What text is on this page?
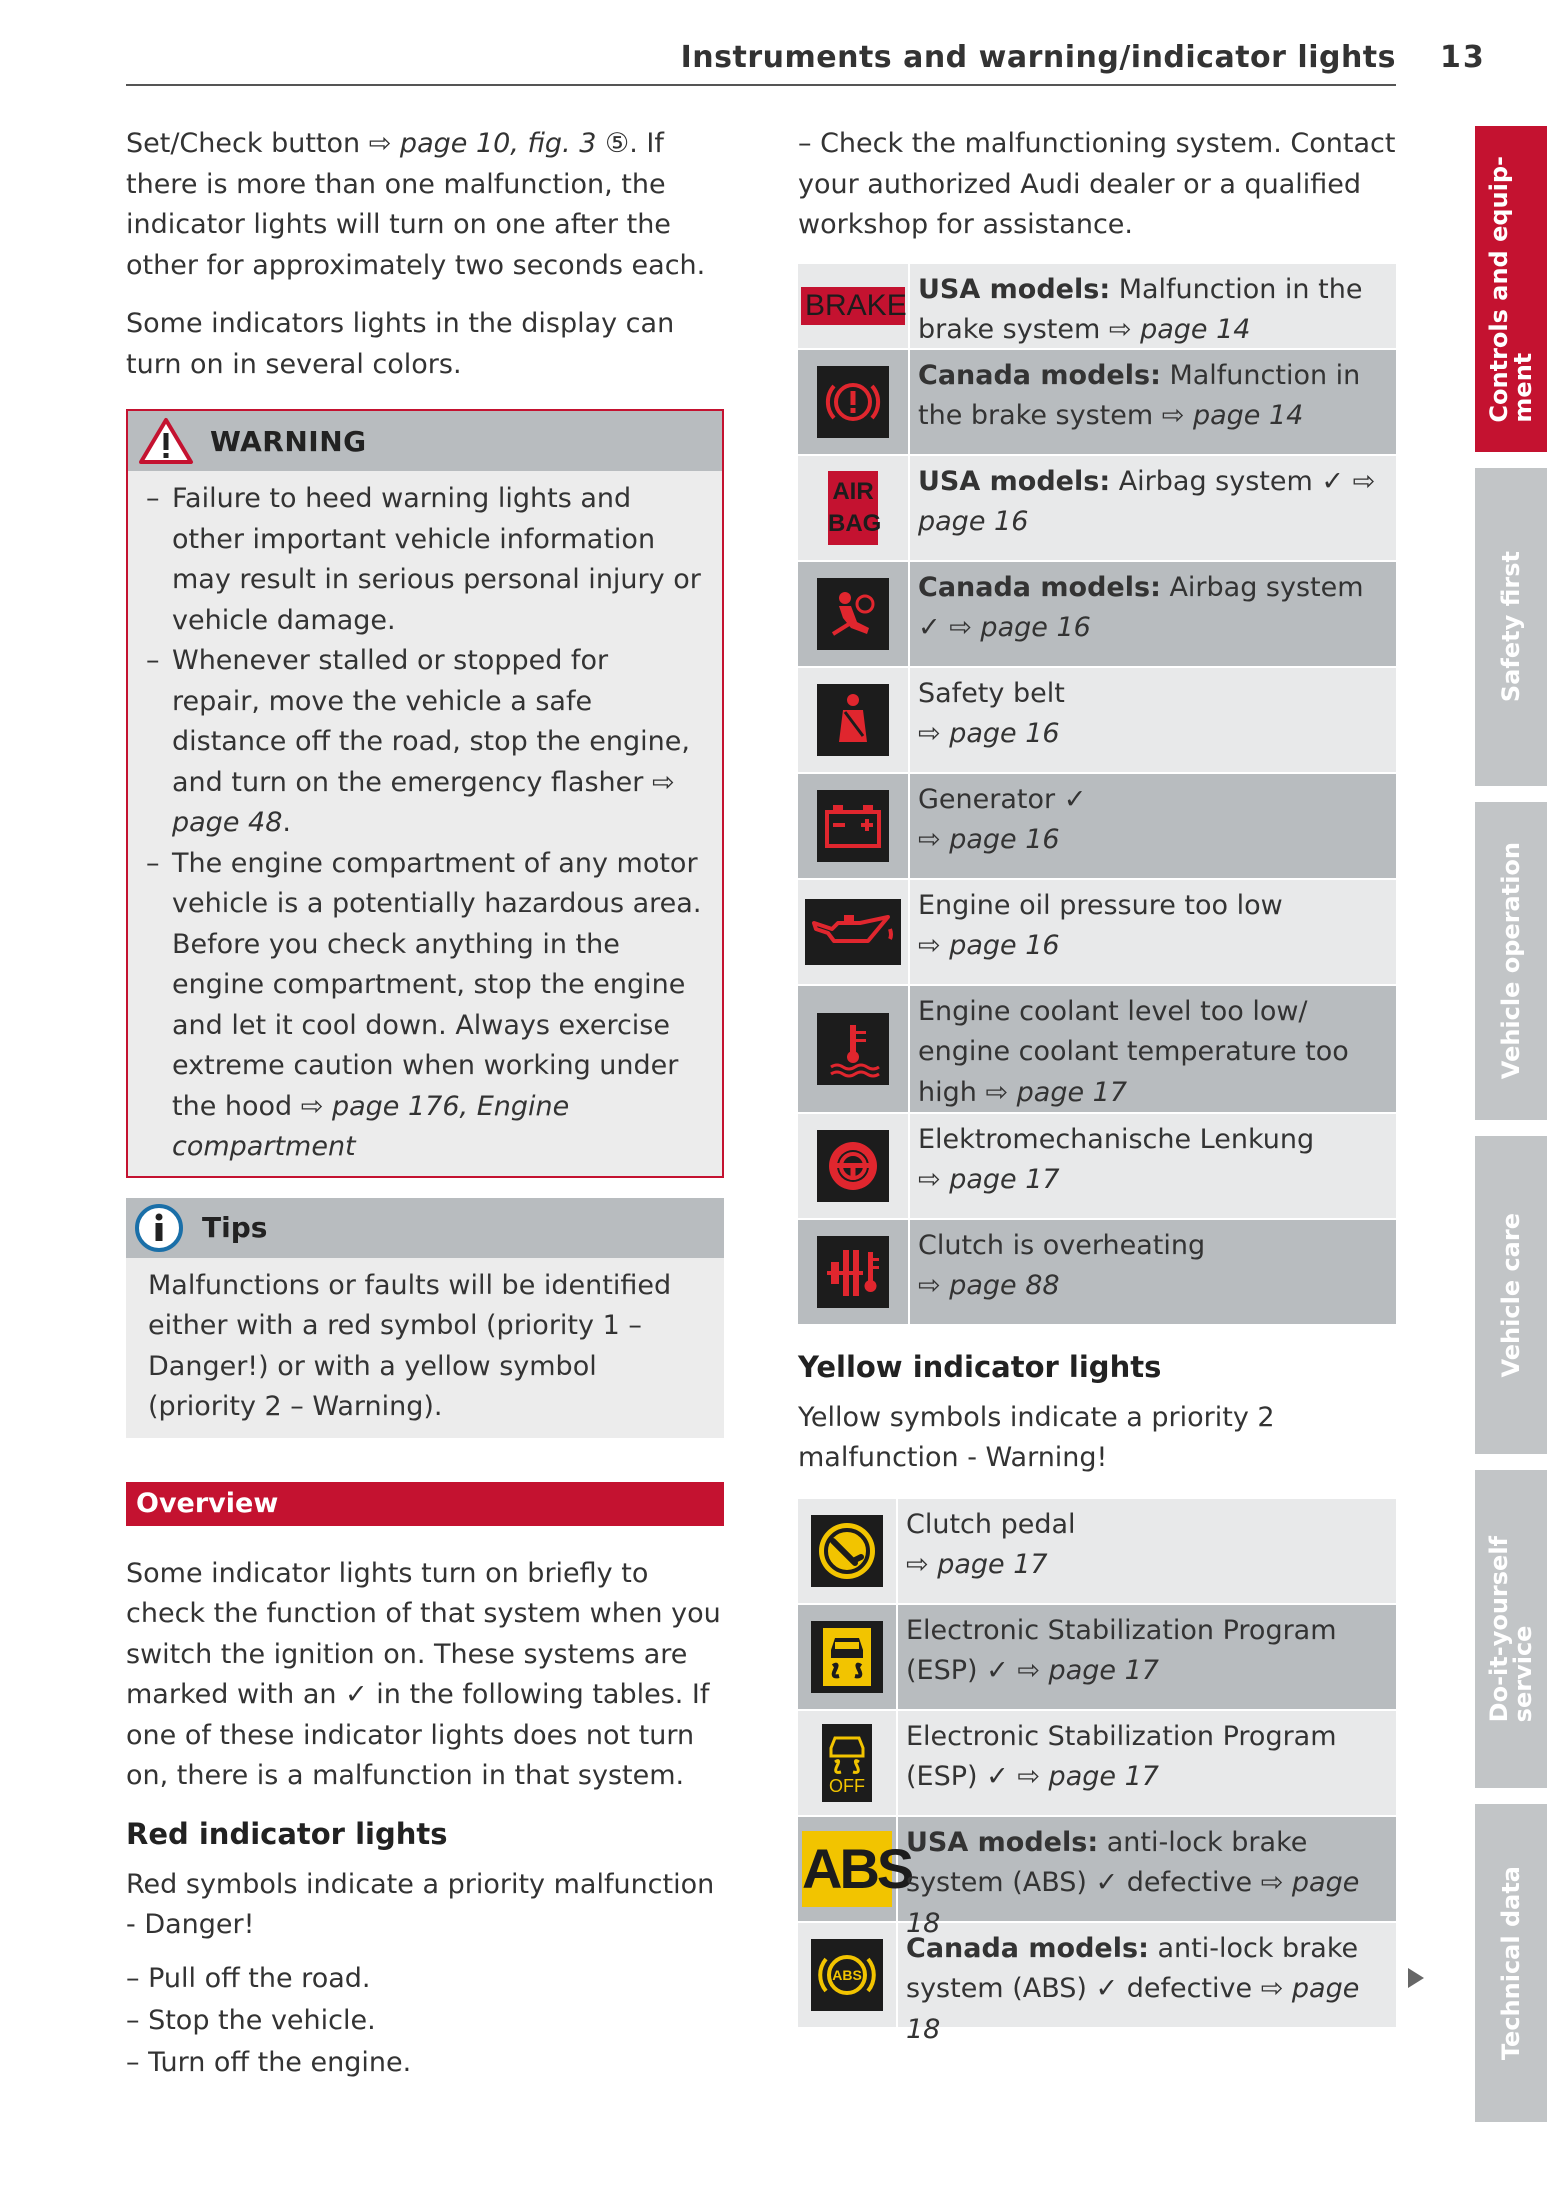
Instruments and warning/indicator lights 13

Set/Check button ⇨ page 10, fig. 3 ⑤. If there is more than one malfunction, the indicator lights will turn on one after the other for approximately two seconds each.

Some indicators lights in the display can turn on in several colors.

WARNING
– Failure to heed warning lights and other important vehicle information may result in serious personal injury or vehicle damage.
– Whenever stalled or stopped for repair, move the vehicle a safe distance off the road, stop the engine, and turn on the emergency flasher ⇨ page 48.
– The engine compartment of any motor vehicle is a potentially hazardous area. Before you check anything in the engine compartment, stop the engine and let it cool down. Always exercise extreme caution when working under the hood ⇨ page 176, Engine compartment
Tips
Malfunctions or faults will be identified either with a red symbol (priority 1 – Danger!) or with a yellow symbol (priority 2 – Warning).
Overview

Some indicator lights turn on briefly to check the function of that system when you switch the ignition on. These systems are marked with an ✓ in the following tables. If one of these indicator lights does not turn on, there is a malfunction in that system.

Red indicator lights

Red symbols indicate a priority malfunction - Danger!

– Pull off the road.
– Stop the vehicle.
– Turn off the engine.

– Check the malfunctioning system. Contact your authorized Audi dealer or a qualified workshop for assistance.

BRAKE USA models: Malfunction in the brake system ⇨ page 14
Canada models: Malfunction in the brake system ⇨ page 14
AIR
BAG
USA models: Airbag system ✓ ⇨ page 16
Canada models: Airbag system ✓ ⇨ page 16
Safety belt
⇨ page 16
Generator ✓
⇨ page 16
Engine oil pressure too low
⇨ page 16
Engine coolant level too low/ engine coolant temperature too high ⇨ page 17
Elektromechanische Lenkung
⇨ page 17
Clutch is overheating
⇨ page 88
Yellow indicator lights

Yellow symbols indicate a priority 2 malfunction - Warning!

Clutch pedal
⇨ page 17
Electronic Stabilization Program (ESP) ✓ ⇨ page 17
OFF
Electronic Stabilization Program (ESP) ✓ ⇨ page 17
ABS
USA models: anti-lock brake system (ABS) ✓ defective ⇨ page 18
ABS
Canada models: anti-lock brake system (ABS) ✓ defective ⇨ page 18
Controls and equip-
ment
Safety first
Vehicle operation
Vehicle care
Do-it-yourself
service
Technical data
